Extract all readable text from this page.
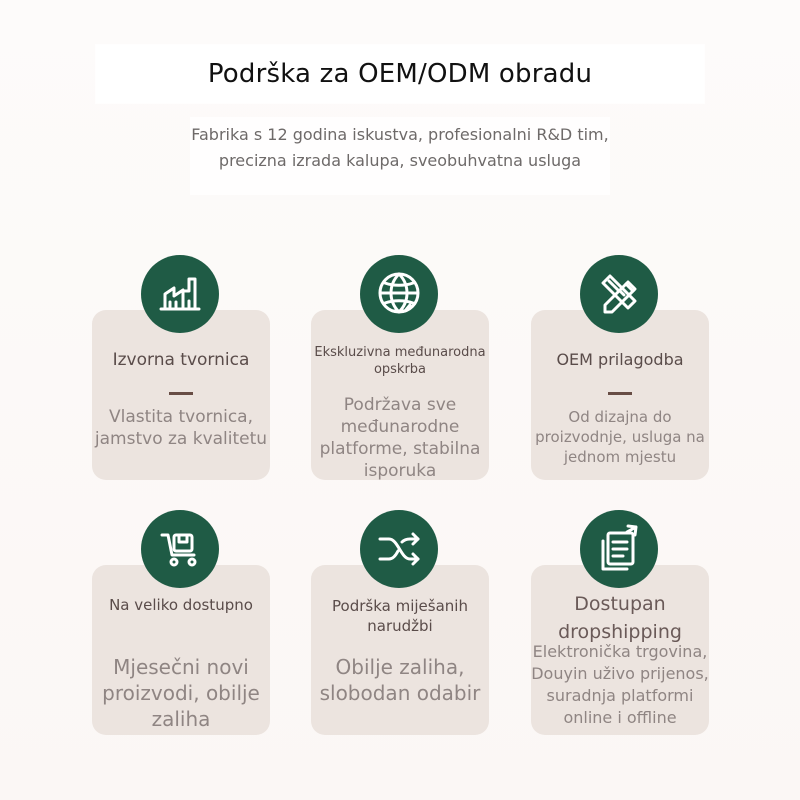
Podrška za OEM/ODM obradu
Fabrika s 12 godina iskustva, profesionalni R&D tim, precizna izrada kalupa, sveobuhvatna usluga
Izvorna tvornica
Vlastita tvornica, jamstvo za kvalitetu
Ekskluzivna međunarodna opskrba
Podržava sve međunarodne platforme, stabilna isporuka
OEM prilagodba
Od dizajna do proizvodnje, usluga na jednom mjestu
Na veliko dostupno
Mjesečni novi proizvodi, obilje zaliha
Podrška miješanih narudžbi
Obilje zaliha, slobodan odabir
Dostupan dropshipping
Elektronička trgovina, Douyin uživo prijenos, suradnja platformi online i offline
